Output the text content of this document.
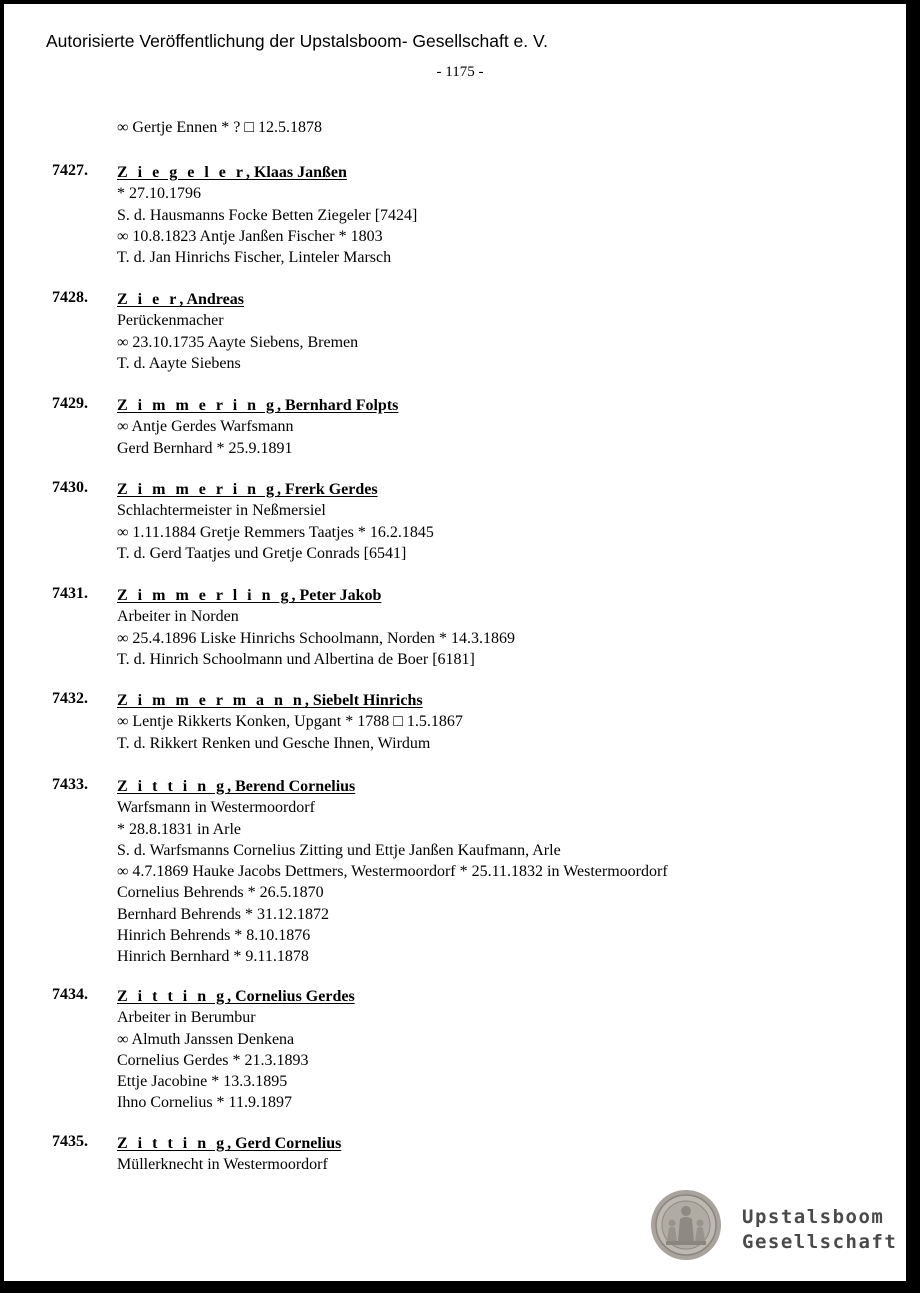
Autorisierte Veröffentlichung der Upstalsboom- Gesellschaft e. V.
- 1175 -
∞ Gertje Ennen * ? □ 12.5.1878
7427. Z i e g e l e r, Klaas Janßen
* 27.10.1796
S. d. Hausmanns Focke Betten Ziegeler [7424]
∞ 10.8.1823 Antje Janßen Fischer * 1803
T. d. Jan Hinrichs Fischer, Linteler Marsch
7428. Z i e r, Andreas
Perückenmacher
∞ 23.10.1735 Aayte Siebens, Bremen
T. d. Aayte Siebens
7429. Z i m m e r i n g, Bernhard Folpts
∞ Antje Gerdes Warfsmann
Gerd Bernhard * 25.9.1891
7430. Z i m m e r i n g, Frerk Gerdes
Schlachtermeister in Neßmersiel
∞ 1.11.1884 Gretje Remmers Taatjes * 16.2.1845
T. d. Gerd Taatjes und Gretje Conrads [6541]
7431. Z i m m e r l i n g, Peter Jakob
Arbeiter in Norden
∞ 25.4.1896 Liske Hinrichs Schoolmann, Norden * 14.3.1869
T. d. Hinrich Schoolmann und Albertina de Boer [6181]
7432. Z i m m e r m a n n, Siebelt Hinrichs
∞ Lentje Rikkerts Konken, Upgant * 1788 □ 1.5.1867
T. d. Rikkert Renken und Gesche Ihnen, Wirdum
7433. Z i t t i n g, Berend Cornelius
Warfsmann in Westermoordorf
* 28.8.1831 in Arle
S. d. Warfsmanns Cornelius Zitting und Ettje Janßen Kaufmann, Arle
∞ 4.7.1869 Hauke Jacobs Dettmers, Westermoordorf * 25.11.1832 in Westermoordorf
Cornelius Behrends * 26.5.1870
Bernhard Behrends * 31.12.1872
Hinrich Behrends * 8.10.1876
Hinrich Bernhard * 9.11.1878
7434. Z i t t i n g, Cornelius Gerdes
Arbeiter in Berumbur
∞ Almuth Janssen Denkena
Cornelius Gerdes * 21.3.1893
Ettje Jacobine * 13.3.1895
Ihno Cornelius * 11.9.1897
7435. Z i t t i n g, Gerd Cornelius
Müllerknecht in Westermoordorf
Upstalsboom
Gesellschaft
